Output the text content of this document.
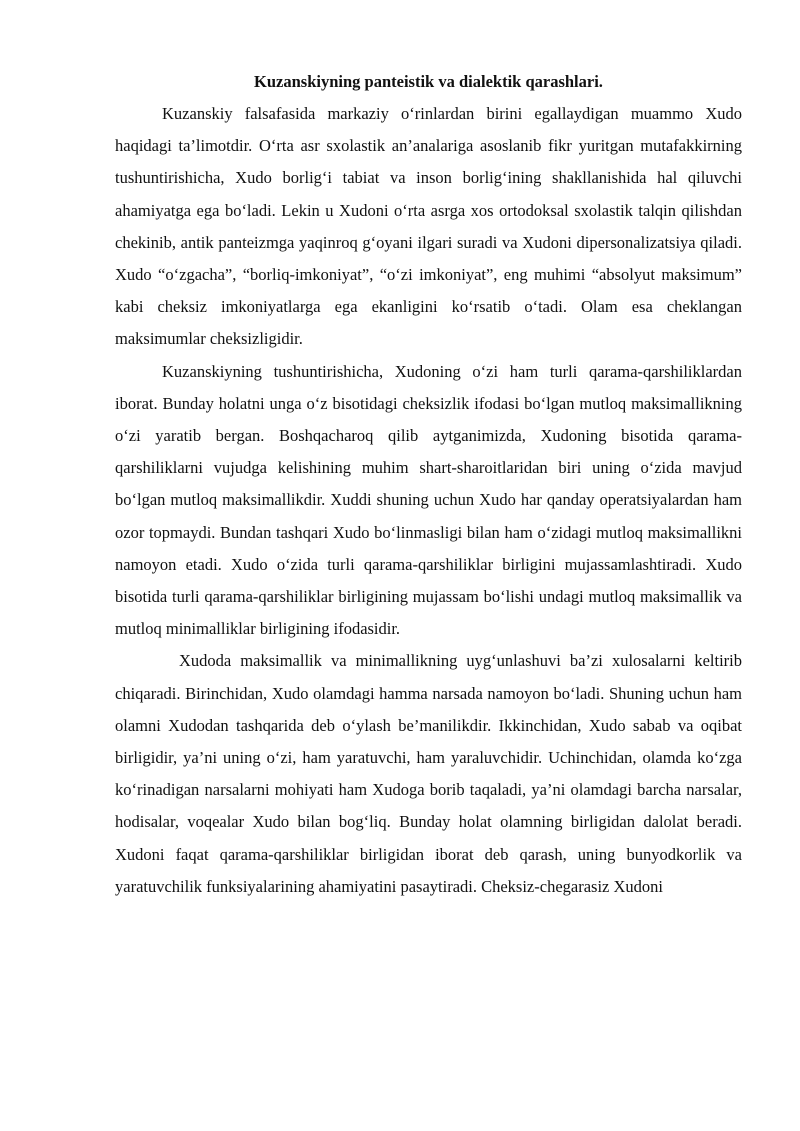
Kuzanskiyning panteistik va dialektik qarashlari.

Kuzanskiy falsafasida markaziy o‘rinlardan birini egallaydigan muammo Xudo haqidagi ta’limotdir. O‘rta asr sxolastik an’analariga asoslanib fikr yuritgan mutafakkirning tushuntirishicha, Xudo borlig‘i tabiat va inson borlig‘ining shakllanishida hal qiluvchi ahamiyatga ega bo‘ladi. Lekin u Xudoni o‘rta asrga xos ortodoksal sxolastik talqin qilishdan chekinib, antik panteizmga yaqinroq g‘oyani ilgari suradi va Xudoni dipersonalizatsiya qiladi. Xudo “o‘zgacha”, “borliq-imkoniyat”, “o‘zi imkoniyat”, eng muhimi “absolyut maksimum” kabi cheksiz imkoniyatlarga ega ekanligini ko‘rsatib o‘tadi. Olam esa cheklangan maksimumlar cheksizligidir.

Kuzanskiyning tushuntirishicha, Xudoning o‘zi ham turli qarama-qarshiliklardan iborat. Bunday holatni unga o‘z bisotidagi cheksizlik ifodasi bo‘lgan mutloq maksimallikning o‘zi yaratib bergan. Boshqacharoq qilib aytganimizda, Xudoning bisotida qarama-qarshiliklarni vujudga kelishining muhim shart-sharoitlaridan biri uning o‘zida mavjud bo‘lgan mutloq maksimallikdir. Xuddi shuning uchun Xudo har qanday operatsiyalardan ham ozor topmaydi. Bundan tashqari Xudo bo‘linmasligi bilan ham o‘zidagi mutloq maksimallikni namoyon etadi. Xudo o‘zida turli qarama-qarshiliklar birligini mujassamlashtiradi. Xudo bisotida turli qarama-qarshiliklar birligining mujassam bo‘lishi undagi mutloq maksimallik va mutloq minimalliklar birligining ifodasidir.

Xudoda maksimallik va minimallikning uyg‘unlashuvi ba’zi xulosalarni keltirib chiqaradi. Birinchidan, Xudo olamdagi hamma narsada namoyon bo‘ladi. Shuning uchun ham olamni Xudodan tashqarida deb o‘ylash be’manilikdir. Ikkinchidan, Xudo sabab va oqibat birligidir, ya’ni uning o‘zi, ham yaratuvchi, ham yaraluvchidir. Uchinchidan, olamda ko‘zga ko‘rinadigan narsalarni mohiyati ham Xudoga borib taqaladi, ya’ni olamdagi barcha narsalar, hodisalar, voqealar Xudo bilan bog‘liq. Bunday holat olamning birligidan dalolat beradi. Xudoni faqat qarama-qarshiliklar birligidan iborat deb qarash, uning bunyodkorlik va yaratuvchilik funksiyalarining ahamiyatini pasaytiradi. Cheksiz-chegarasiz Xudoni
